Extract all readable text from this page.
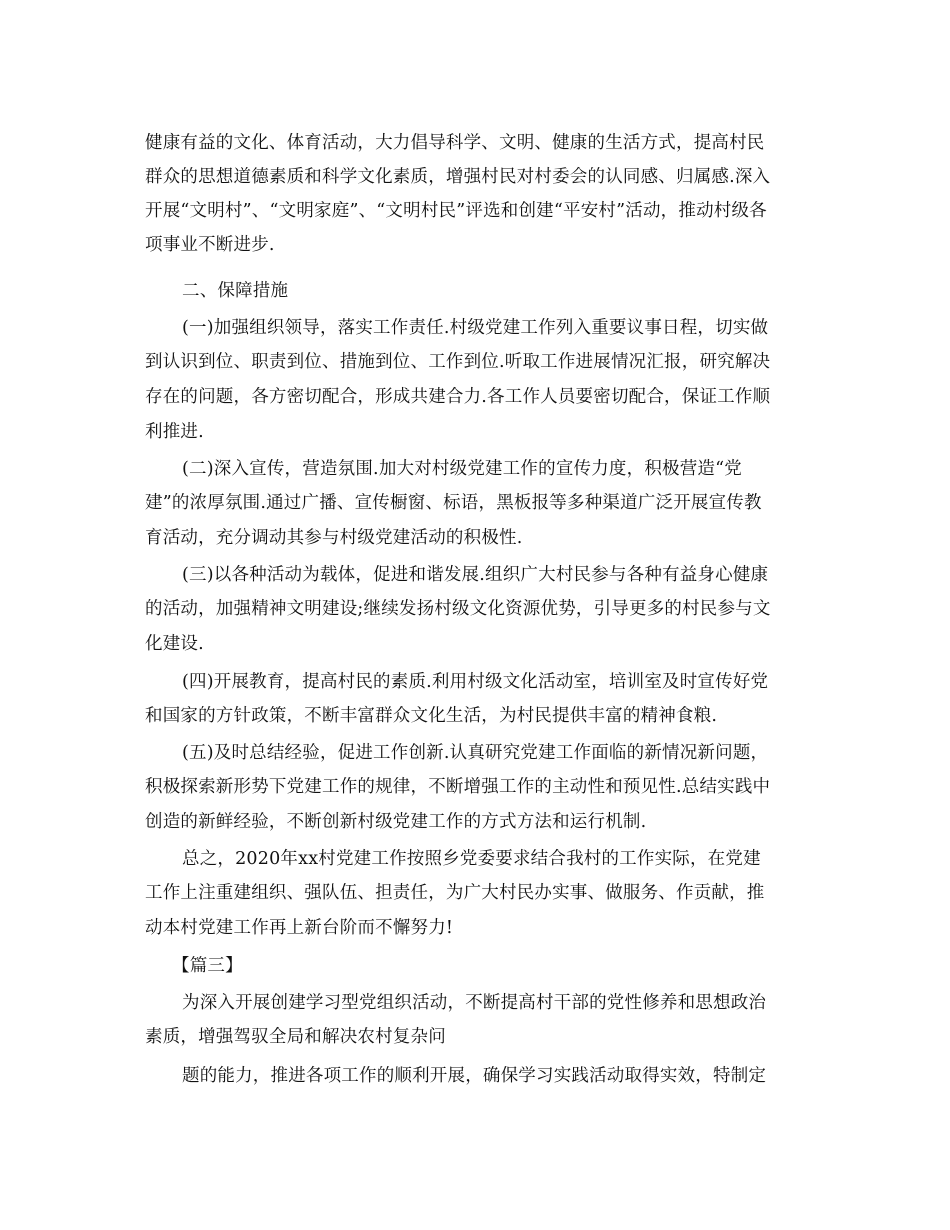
健康有益的文化、体育活动，大力倡导科学、文明、健康的生活方式，提高村民
群众的思想道德素质和科学文化素质，增强村民对村委会的认同感、归属感.深入
开展“文明村”、“文明家庭”、“文明村民”评选和创建“平安村”活动，推动村级各
项事业不断进步.
二、保障措施
(一)加强组织领导，落实工作责任.村级党建工作列入重要议事日程，切实做
到认识到位、职责到位、措施到位、工作到位.听取工作进展情况汇报，研究解决
存在的问题，各方密切配合，形成共建合力.各工作人员要密切配合，保证工作顺
利推进.
(二)深入宣传，营造氛围.加大对村级党建工作的宣传力度，积极营造“党
建”的浓厚氛围.通过广播、宣传橱窗、标语，黑板报等多种渠道广泛开展宣传教
育活动，充分调动其参与村级党建活动的积极性.
(三)以各种活动为载体，促进和谐发展.组织广大村民参与各种有益身心健康
的活动，加强精神文明建设;继续发扬村级文化资源优势，引导更多的村民参与文
化建设.
(四)开展教育，提高村民的素质.利用村级文化活动室，培训室及时宣传好党
和国家的方针政策，不断丰富群众文化生活，为村民提供丰富的精神食粮.
(五)及时总结经验，促进工作创新.认真研究党建工作面临的新情况新问题，
积极探索新形势下党建工作的规律，不断增强工作的主动性和预见性.总结实践中
创造的新鲜经验，不断创新村级党建工作的方式方法和运行机制.
总之，2020年xx村党建工作按照乡党委要求结合我村的工作实际，在党建
工作上注重建组织、强队伍、担责任，为广大村民办实事、做服务、作贡献，推
动本村党建工作再上新台阶而不懈努力!
【篇三】
为深入开展创建学习型党组织活动，不断提高村干部的党性修养和思想政治
素质，增强驾驭全局和解决农村复杂问
题的能力，推进各项工作的顺利开展，确保学习实践活动取得实效，特制定
